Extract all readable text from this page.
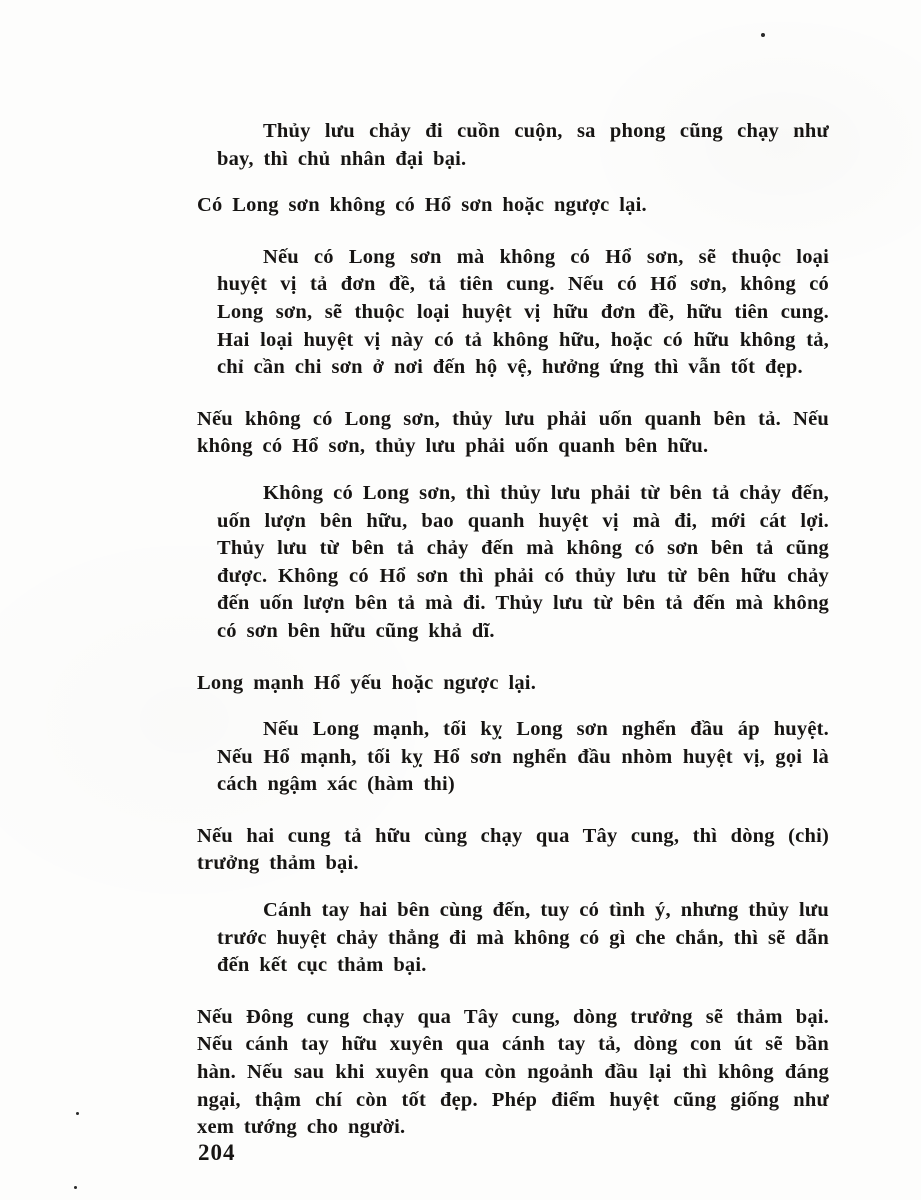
Thủy lưu chảy đi cuồn cuộn, sa phong cũng chạy như bay, thì chủ nhân đại bại.

Có Long sơn không có Hổ sơn hoặc ngược lại.

Nếu có Long sơn mà không có Hổ sơn, sẽ thuộc loại huyệt vị tả đơn đề, tả tiên cung. Nếu có Hổ sơn, không có Long sơn, sẽ thuộc loại huyệt vị hữu đơn đề, hữu tiên cung. Hai loại huyệt vị này có tả không hữu, hoặc có hữu không tả, chỉ cần chi sơn ở nơi đến hộ vệ, hưởng ứng thì vẫn tốt đẹp.

Nếu không có Long sơn, thủy lưu phải uốn quanh bên tả. Nếu không có Hổ sơn, thủy lưu phải uốn quanh bên hữu.

Không có Long sơn, thì thủy lưu phải từ bên tả chảy đến, uốn lượn bên hữu, bao quanh huyệt vị mà đi, mới cát lợi. Thủy lưu từ bên tả chảy đến mà không có sơn bên tả cũng được. Không có Hổ sơn thì phải có thủy lưu từ bên hữu chảy đến uốn lượn bên tả mà đi. Thủy lưu từ bên tả đến mà không có sơn bên hữu cũng khả dĩ.

Long mạnh Hổ yếu hoặc ngược lại.

Nếu Long mạnh, tối kỵ Long sơn nghển đầu áp huyệt. Nếu Hổ mạnh, tối kỵ Hổ sơn nghển đầu nhòm huyệt vị, gọi là cách ngậm xác (hàm thi)

Nếu hai cung tả hữu cùng chạy qua Tây cung, thì dòng (chi) trưởng thảm bại.

Cánh tay hai bên cùng đến, tuy có tình ý, nhưng thủy lưu trước huyệt chảy thẳng đi mà không có gì che chắn, thì sẽ dẫn đến kết cục thảm bại.

Nếu Đông cung chạy qua Tây cung, dòng trưởng sẽ thảm bại. Nếu cánh tay hữu xuyên qua cánh tay tả, dòng con út sẽ bần hàn. Nếu sau khi xuyên qua còn ngoảnh đầu lại thì không đáng ngại, thậm chí còn tốt đẹp. Phép điểm huyệt cũng giống như xem tướng cho người.

204
